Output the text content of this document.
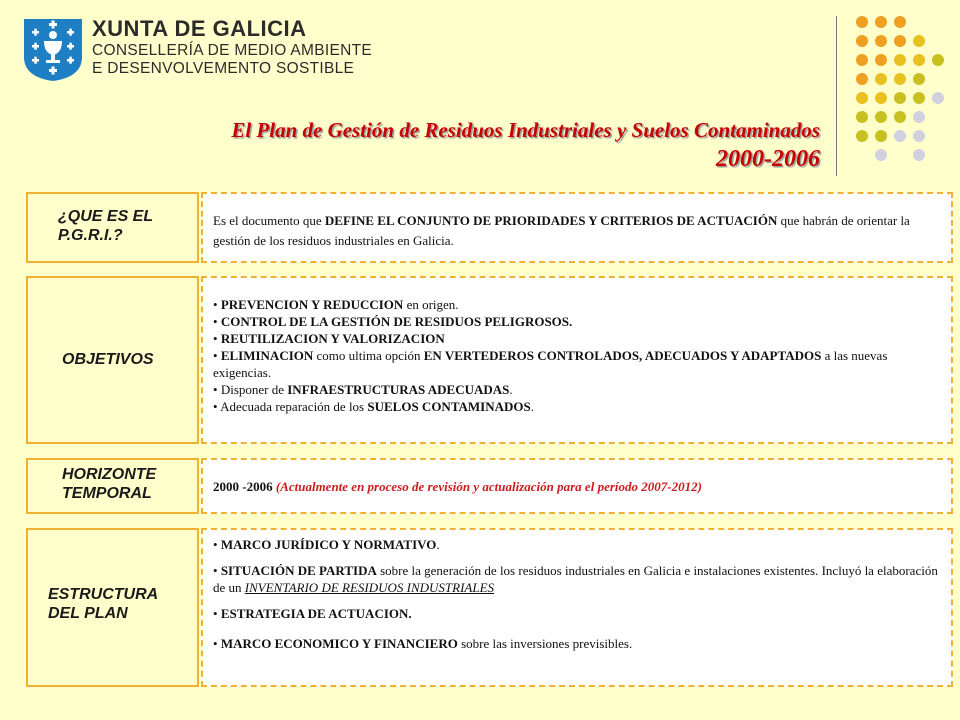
XUNTA DE GALICIA
CONSELLERÍA DE MEDIO AMBIENTE
E DESENVOLVEMENTO SOSTIBLE
El Plan de Gestión de Residuos Industriales y Suelos Contaminados
2000-2006
¿QUE ES EL
P.G.R.I.?
Es el documento que DEFINE EL CONJUNTO DE PRIORIDADES Y CRITERIOS DE ACTUACIÓN que habrán de orientar la gestión de los residuos industriales en Galicia.
OBJETIVOS
• PREVENCION Y REDUCCION en origen.
• CONTROL DE LA GESTIÓN DE RESIDUOS PELIGROSOS.
• REUTILIZACION Y VALORIZACION
• ELIMINACION como ultima opción EN VERTEDEROS CONTROLADOS, ADECUADOS Y ADAPTADOS a las nuevas exigencias.
• Disponer de INFRAESTRUCTURAS ADECUADAS.
• Adecuada reparación de los SUELOS CONTAMINADOS.
HORIZONTE
TEMPORAL	2000 -2006 (Actualmente en proceso de revisión y actualización para el período 2007-2012)
ESTRUCTURA
DEL PLAN
• MARCO JURÍDICO Y NORMATIVO.
• SITUACIÓN DE PARTIDA sobre la generación de los residuos industriales en Galicia e instalaciones existentes. Incluyó la elaboración de un INVENTARIO DE RESIDUOS INDUSTRIALES
• ESTRATEGIA DE ACTUACION.
• MARCO ECONOMICO Y FINANCIERO sobre las inversiones previsibles.
